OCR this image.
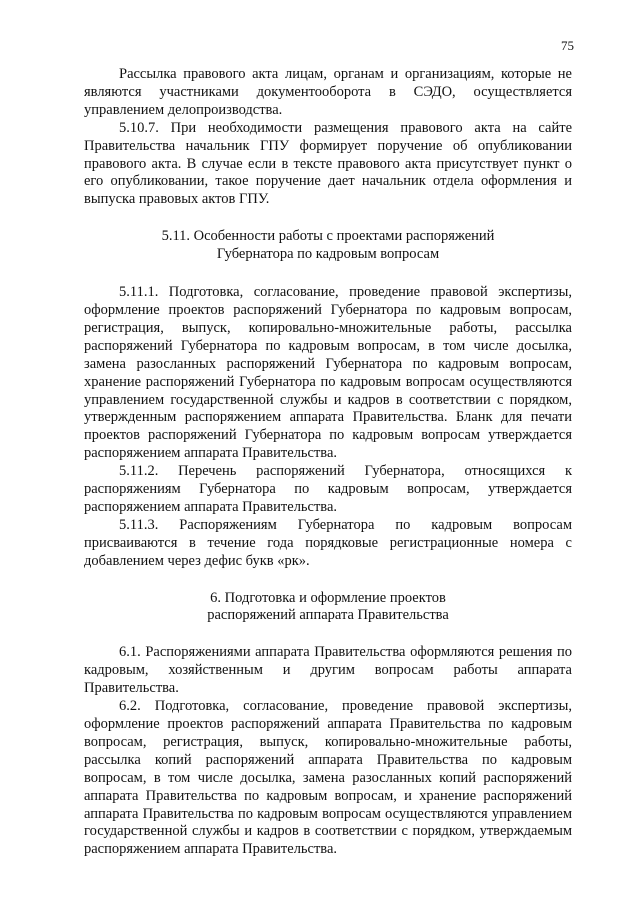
75

Рассылка правового акта лицам, органам и организациям, которые не являются участниками документооборота в СЭДО, осуществляется управлением делопроизводства.

5.10.7. При необходимости размещения правового акта на сайте Правительства начальник ГПУ формирует поручение об опубликовании правового акта. В случае если в тексте правового акта присутствует пункт о его опубликовании, такое поручение дает начальник отдела оформления и выпуска правовых актов ГПУ.

5.11. Особенности работы с проектами распоряжений
Губернатора по кадровым вопросам

5.11.1. Подготовка, согласование, проведение правовой экспертизы, оформление проектов распоряжений Губернатора по кадровым вопросам, регистрация, выпуск, копировально-множительные работы, рассылка распоряжений Губернатора по кадровым вопросам, в том числе досылка, замена разосланных распоряжений Губернатора по кадровым вопросам, хранение распоряжений Губернатора по кадровым вопросам осуществляются управлением государственной службы и кадров в соответствии с порядком, утвержденным распоряжением аппарата Правительства. Бланк для печати проектов распоряжений Губернатора по кадровым вопросам утверждается распоряжением аппарата Правительства.

5.11.2. Перечень распоряжений Губернатора, относящихся к распоряжениям Губернатора по кадровым вопросам, утверждается распоряжением аппарата Правительства.

5.11.3. Распоряжениям Губернатора по кадровым вопросам присваиваются в течение года порядковые регистрационные номера с добавлением через дефис букв «рк».

6. Подготовка и оформление проектов
распоряжений аппарата Правительства

6.1. Распоряжениями аппарата Правительства оформляются решения по кадровым, хозяйственным и другим вопросам работы аппарата Правительства.

6.2. Подготовка, согласование, проведение правовой экспертизы, оформление проектов распоряжений аппарата Правительства по кадровым вопросам, регистрация, выпуск, копировально-множительные работы, рассылка копий распоряжений аппарата Правительства по кадровым вопросам, в том числе досылка, замена разосланных копий распоряжений аппарата Правительства по кадровым вопросам, и хранение распоряжений аппарата Правительства по кадровым вопросам осуществляются управлением государственной службы и кадров в соответствии с порядком, утверждаемым распоряжением аппарата Правительства.
